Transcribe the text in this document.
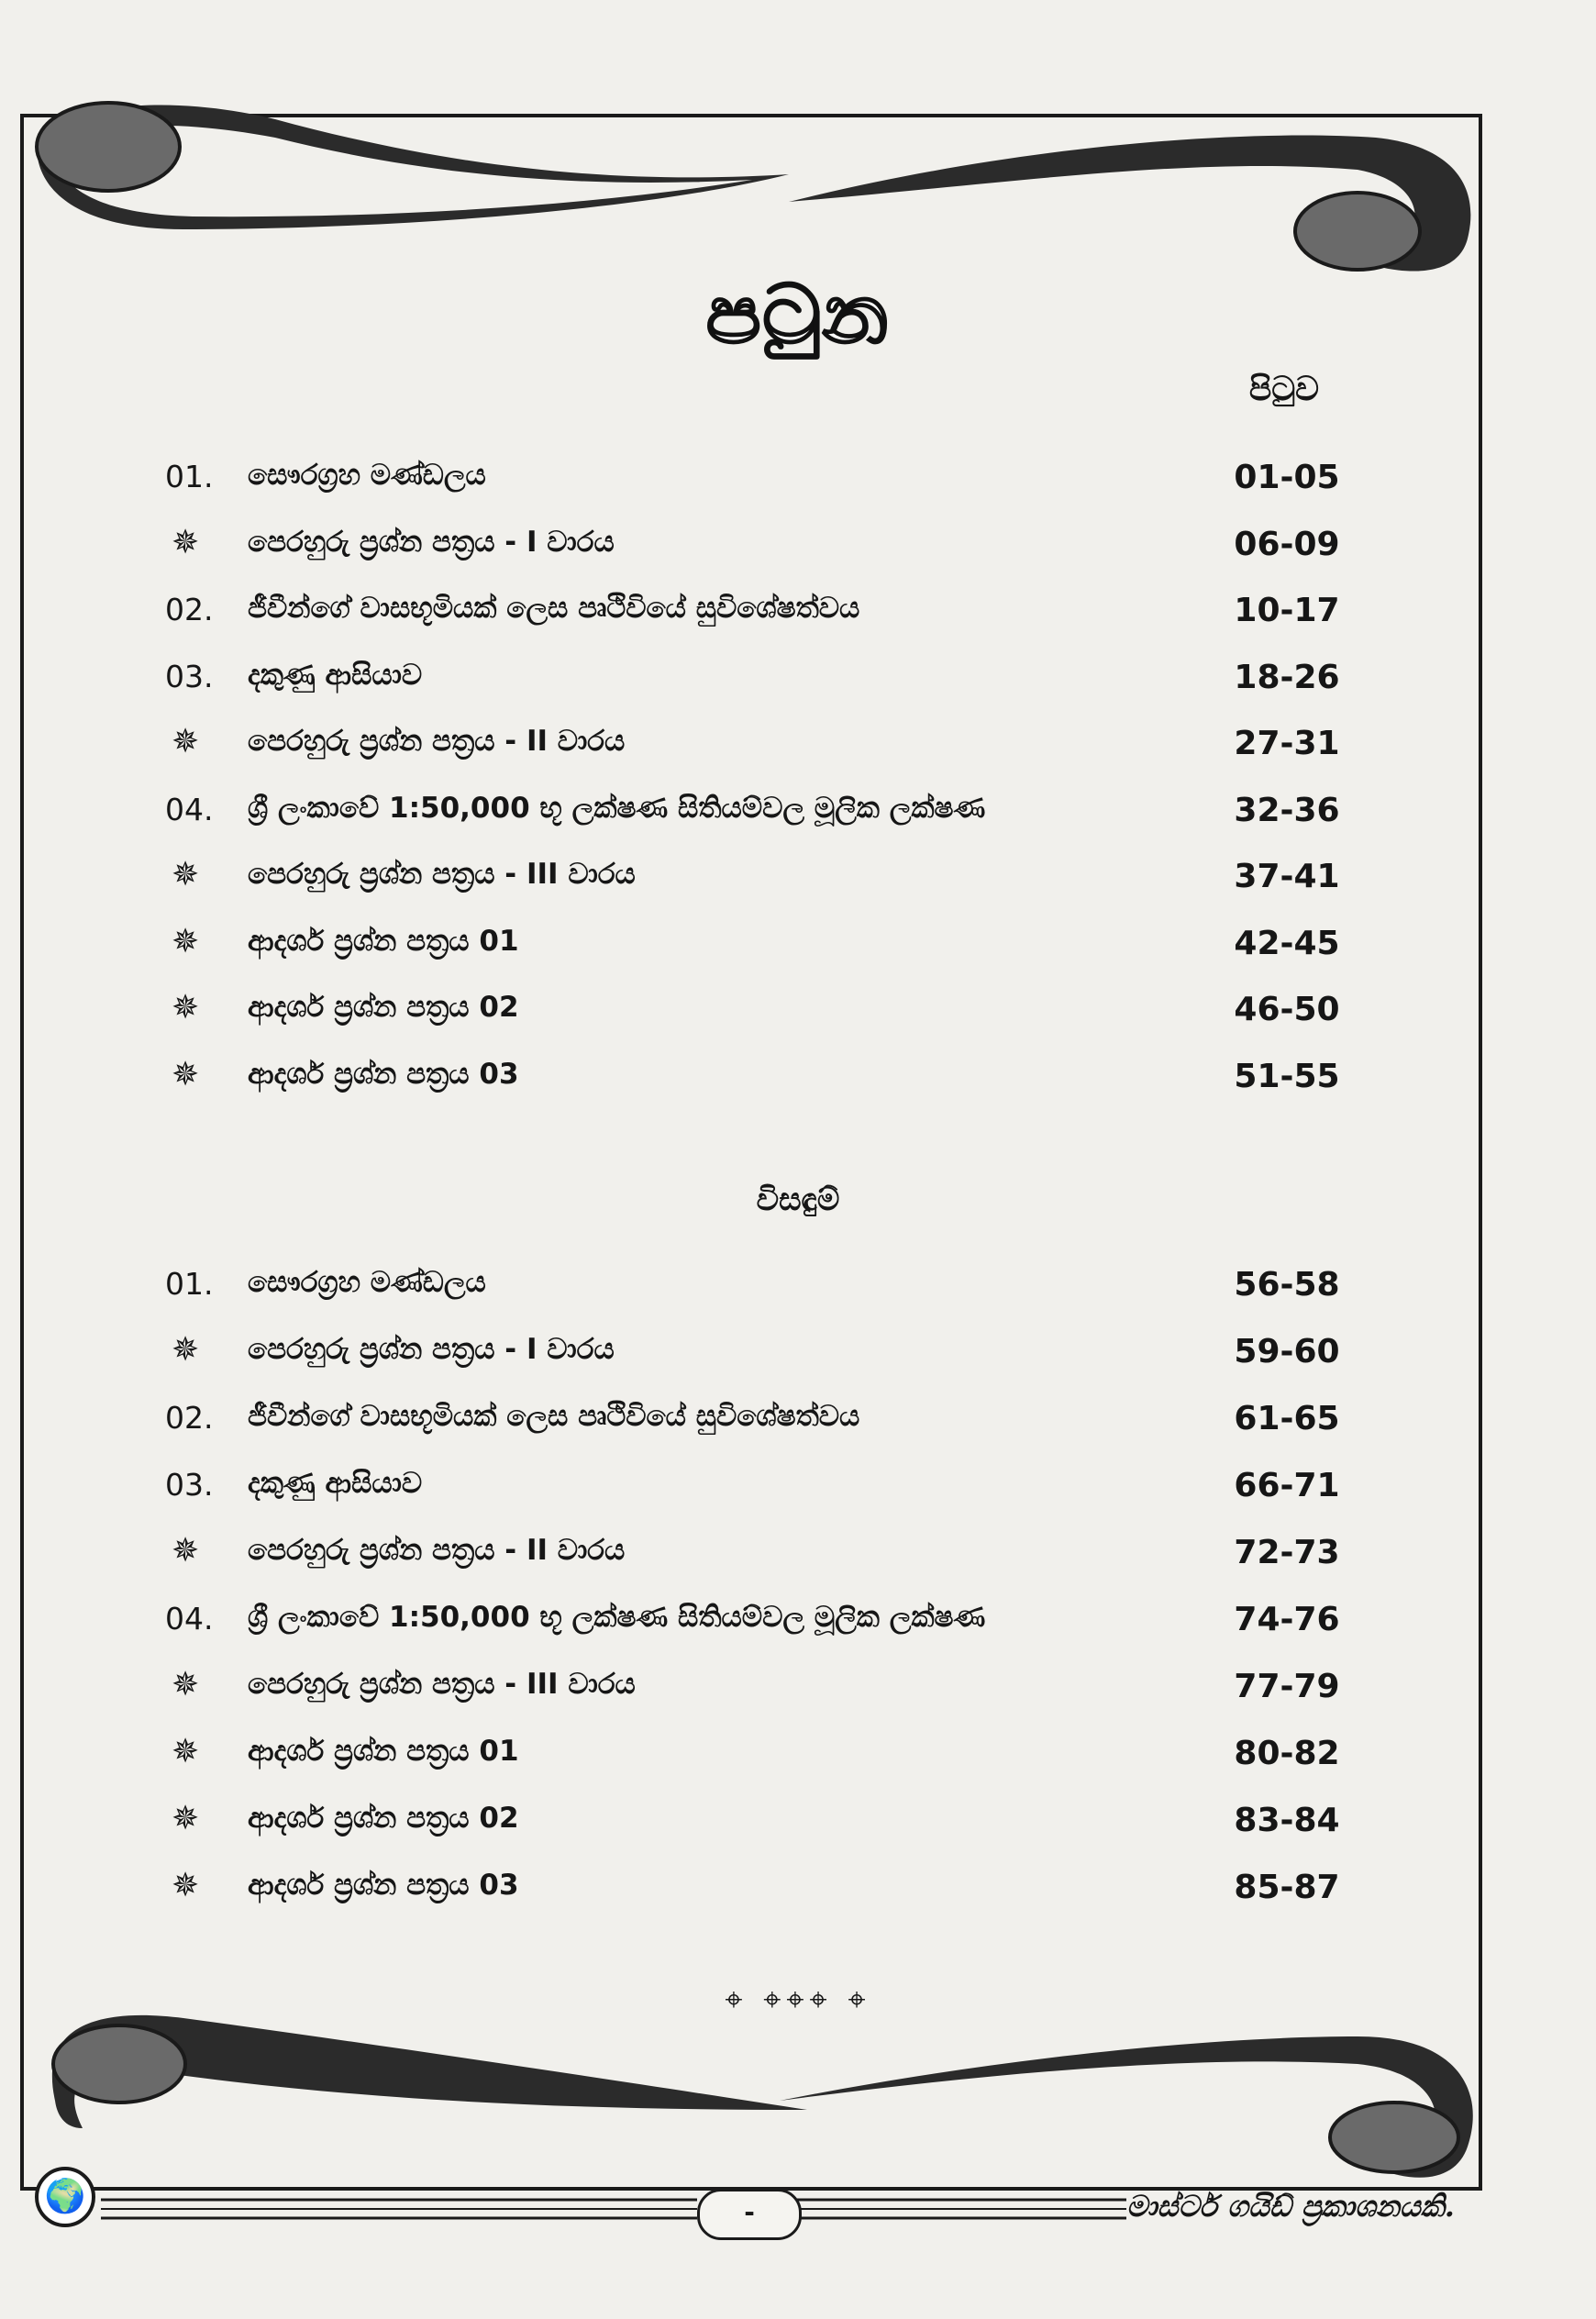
පටුන
පිටුව
01.	සෞරග්‍රහ මණ්ඩලය	01-05
✵ පෙරහුරු ප්‍රශ්න පත්‍රය - I වාරය	06-09
02.	ජීවීන්ගේ වාසභූමියක් ලෙස පෘථිවියේ සුවිශේෂත්වය	10-17
03.	දකුණු ආසියාව	18-26
✵ පෙරහුරු ප්‍රශ්න පත්‍රය - II වාරය	27-31
04.	ශ්‍රී ලංකාවේ 1:50,000 භූ ලක්ෂණ සිතියම්වල මූලික ලක්ෂණ	32-36
✵ පෙරහුරු ප්‍රශ්න පත්‍රය - III වාරය	37-41
✵ ආදර්ශ ප්‍රශ්න පත්‍රය 01	42-45
✵ ආදර්ශ ප්‍රශ්න පත්‍රය 02	46-50
✵ ආදර්ශ ප්‍රශ්න පත්‍රය 03	51-55
විසඳුම්
01.	සෞරග්‍රහ මණ්ඩලය	56-58
✵ පෙරහුරු ප්‍රශ්න පත්‍රය - I වාරය	59-60
02.	ජීවීන්ගේ වාසභූමියක් ලෙස පෘථිවියේ සුවිශේෂත්වය	61-65
03.	දකුණු ආසියාව	66-71
✵ පෙරහුරු ප්‍රශ්න පත්‍රය - II වාරය	72-73
04.	ශ්‍රී ලංකාවේ 1:50,000 භූ ලක්ෂණ සිතියම්වල මූලික ලක්ෂණ	74-76
✵ පෙරහුරු ප්‍රශ්න පත්‍රය - III වාරය	77-79
✵ ආදර්ශ ප්‍රශ්න පත්‍රය 01	80-82
✵ ආදර්ශ ප්‍රශ්න පත්‍රය 02	83-84
✵ ආදර්ශ ප්‍රශ්න පත්‍රය 03	85-87
⌖ ⌖⌖⌖ ⌖
🌍	-	මාස්ටර් ගයිඩ් ප්‍රකාශනයකි.
